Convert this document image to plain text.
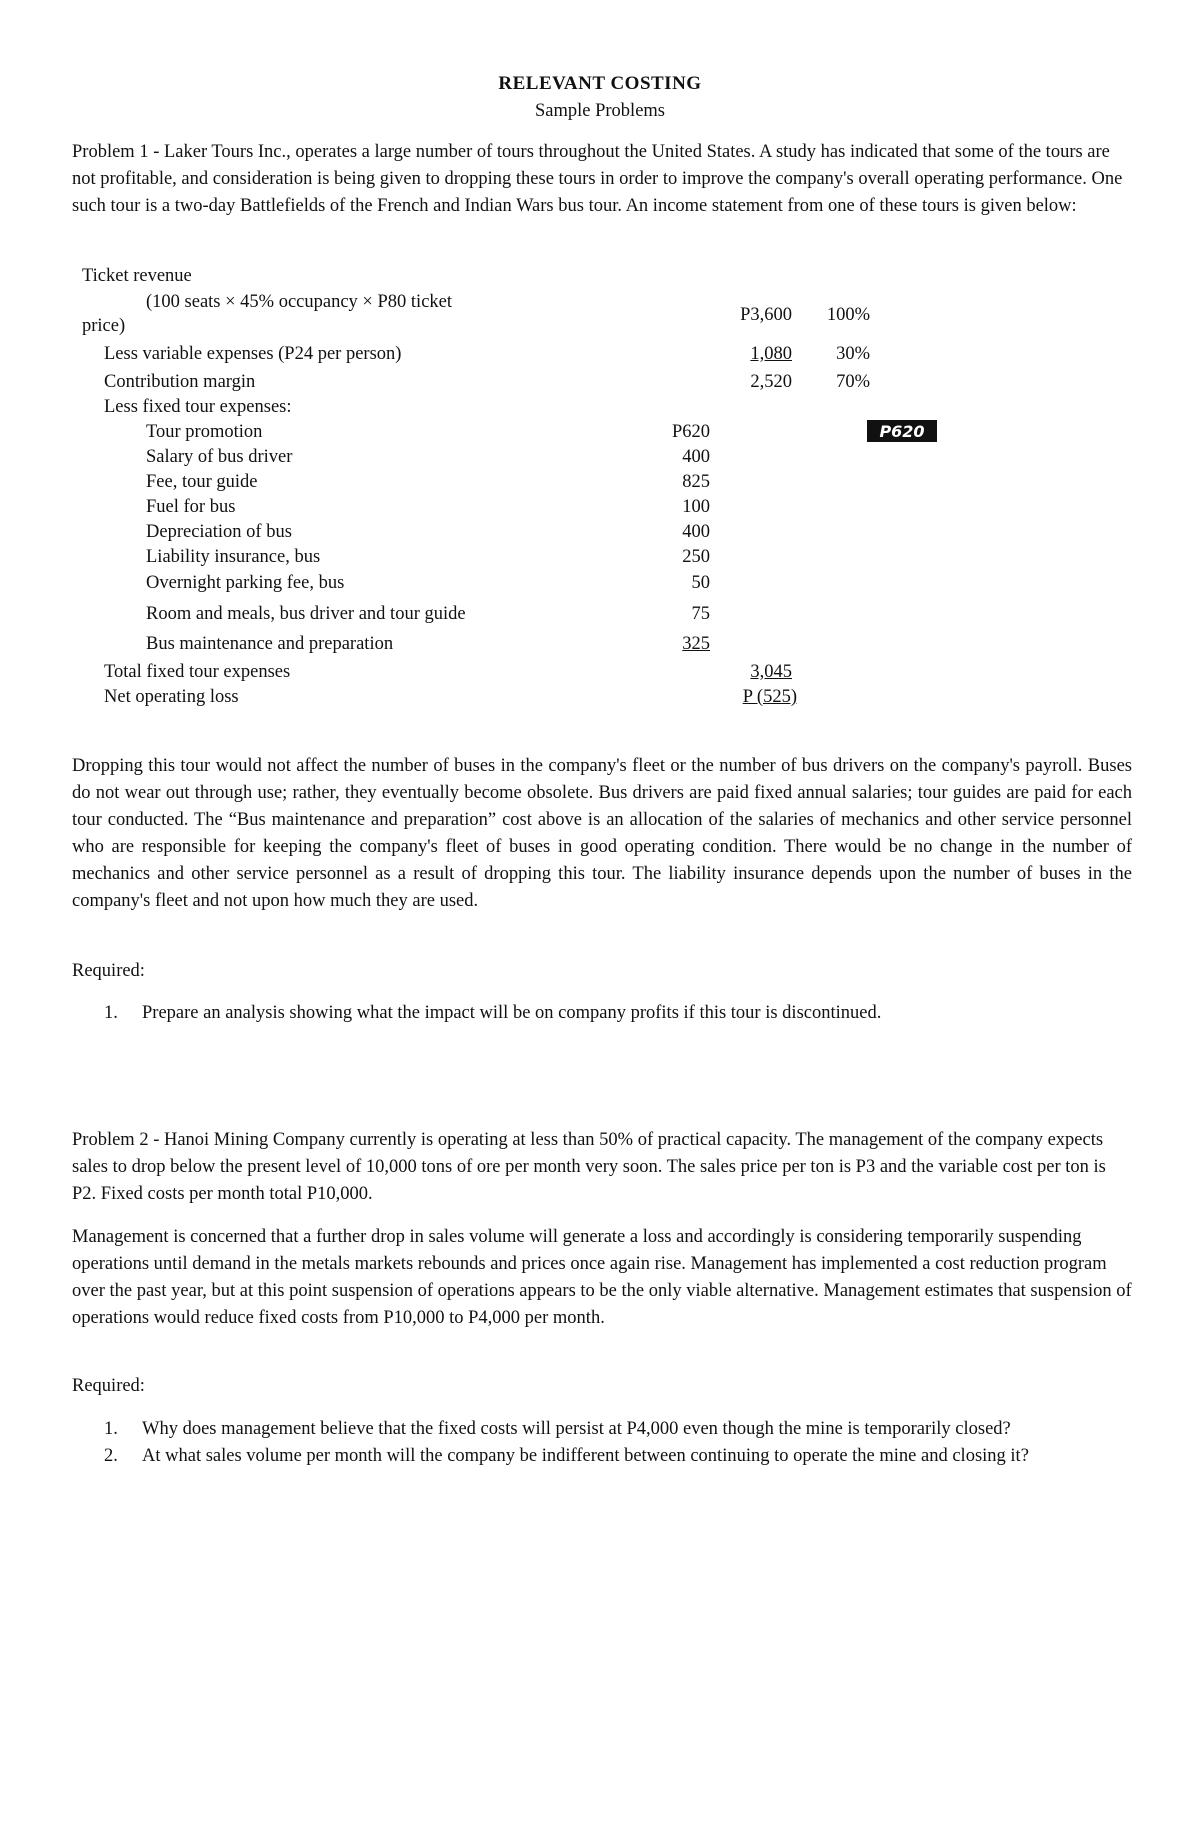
RELEVANT COSTING
Sample Problems

Problem 1 - Laker Tours Inc., operates a large number of tours throughout the United States. A study has indicated that some of the tours are not profitable, and consideration is being given to dropping these tours in order to improve the company's overall operating performance. One such tour is a two-day Battlefields of the French and Indian Wars bus tour. An income statement from one of these tours is given below:

Ticket revenue
(100 seats × 45% occupancy × P80 ticket
price)
P3,600 100%
Less variable expenses (P24 per person)	1,080 30%
Contribution margin	2,520 70%
Less fixed tour expenses:
Tour promotion	P620
Salary of bus driver	400
Fee, tour guide	825
Fuel for bus	100
Depreciation of bus	400
Liability insurance, bus	250
Overnight parking fee, bus	50
Room and meals, bus driver and tour guide	75
Bus maintenance and preparation	325
Total fixed tour expenses	3,045
Net operating loss	P (525)
P620

Dropping this tour would not affect the number of buses in the company's fleet or the number of bus drivers on the company's payroll. Buses do not wear out through use; rather, they eventually become obsolete. Bus drivers are paid fixed annual salaries; tour guides are paid for each tour conducted. The “Bus maintenance and preparation” cost above is an allocation of the salaries of mechanics and other service personnel who are responsible for keeping the company's fleet of buses in good operating condition. There would be no change in the number of mechanics and other service personnel as a result of dropping this tour. The liability insurance depends upon the number of buses in the company's fleet and not upon how much they are used.

Required:

1. Prepare an analysis showing what the impact will be on company profits if this tour is discontinued.

Problem 2 - Hanoi Mining Company currently is operating at less than 50% of practical capacity. The management of the company expects sales to drop below the present level of 10,000 tons of ore per month very soon. The sales price per ton is P3 and the variable cost per ton is P2. Fixed costs per month total P10,000.

Management is concerned that a further drop in sales volume will generate a loss and accordingly is considering temporarily suspending operations until demand in the metals markets rebounds and prices once again rise. Management has implemented a cost reduction program over the past year, but at this point suspension of operations appears to be the only viable alternative. Management estimates that suspension of operations would reduce fixed costs from P10,000 to P4,000 per month.

Required:

1. Why does management believe that the fixed costs will persist at P4,000 even though the mine is temporarily closed?
2. At what sales volume per month will the company be indifferent between continuing to operate the mine and closing it?
